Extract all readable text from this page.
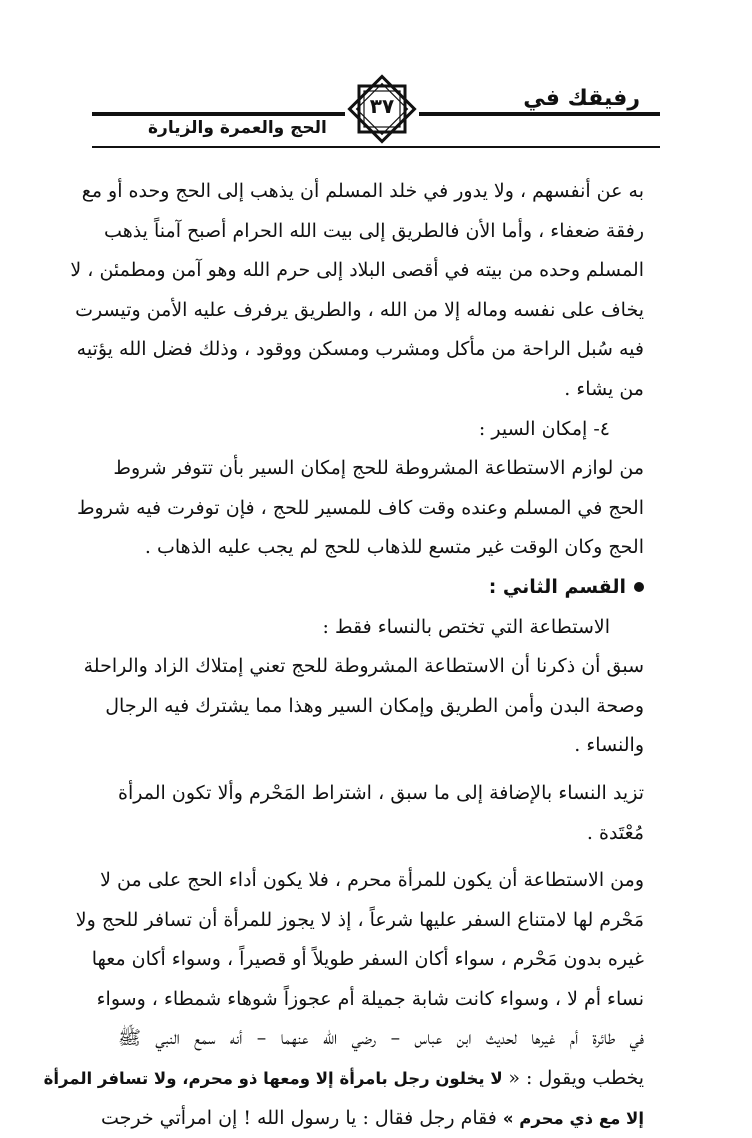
رفيقك في
الحج والعمرة والزيارة
٣٧

به عن أنفسهم ، ولا يدور في خلد المسلم أن يذهب إلى الحج وحده أو مع
رفقة ضعفاء ، وأما الأن فالطريق إلى بيت الله الحرام أصبح آمناً يذهب
المسلم وحده من بيته في أقصى البلاد إلى حرم الله وهو آمن ومطمئن ، لا
يخاف على نفسه وماله إلا من الله ، والطريق يرفرف عليه الأمن وتيسرت
فيه سُبل الراحة من مأكل ومشرب ومسكن ووقود ، وذلك فضل الله يؤتيه
من يشاء .

٤- إمكان السير :

من لوازم الاستطاعة المشروطة للحج إمكان السير بأن تتوفر شروط
الحج في المسلم وعنده وقت كاف للمسير للحج ، فإن توفرت فيه شروط
الحج وكان الوقت غير متسع للذهاب للحج لم يجب عليه الذهاب .

القسم الثاني :

الاستطاعة التي تختص بالنساء فقط :

سبق أن ذكرنا أن الاستطاعة المشروطة للحج تعني إمتلاك الزاد والراحلة
وصحة البدن وأمن الطريق وإمكان السير وهذا مما يشترك فيه الرجال
والنساء .

تزيد النساء بالإضافة إلى ما سبق ، اشتراط المَحْرم وألا تكون المرأة
مُعْتَدة .

ومن الاستطاعة أن يكون للمرأة محرم ، فلا يكون أداء الحج على من لا
مَحْرم لها لامتناع السفر عليها شرعاً ، إذ لا يجوز للمرأة أن تسافر للحج ولا
غيره بدون مَحْرم ، سواء أكان السفر طويلاً أو قصيراً ، وسواء أكان معها
نساء أم لا ، وسواء كانت شابة جميلة أم عجوزاً شوهاء شمطاء ، وسواء
في طائرة أم غيرها لحديث ابن عباس – رضي الله عنهما – أنه سمع النبي ﷺ
يخطب ويقول : « لا يخلون رجل بامرأة إلا ومعها ذو محرم، ولا تسافر المرأة
إلا مع ذي محرم » فقام رجل فقال : يا رسول الله ! إن امرأتي خرجت
